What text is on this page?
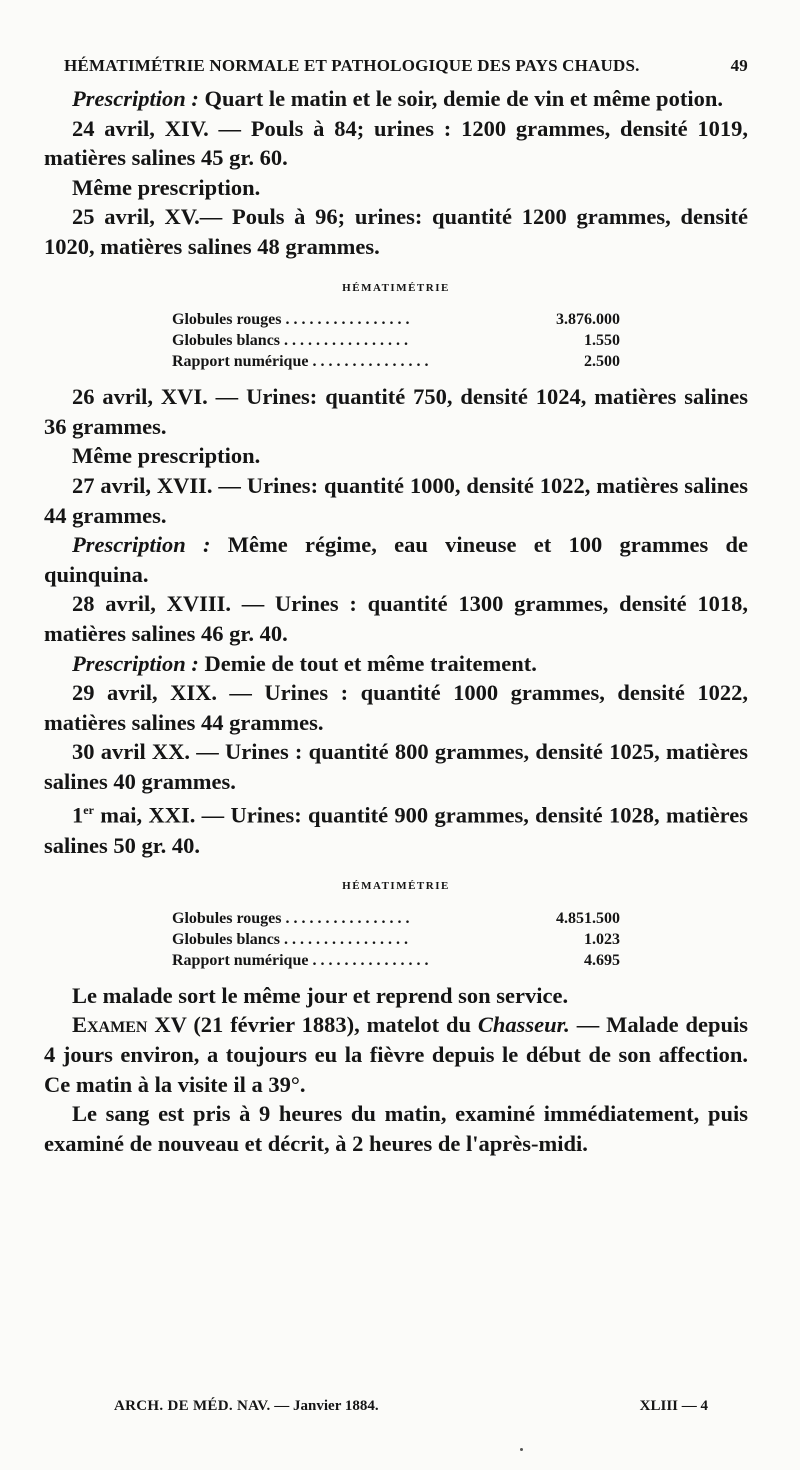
HÉMATIMÉTRIE NORMALE ET PATHOLOGIQUE DES PAYS CHAUDS.	49

Prescription : Quart le matin et le soir, demie de vin et même potion.

24 avril, XIV. — Pouls à 84; urines : 1200 grammes, densité 1019, matières salines 45 gr. 60.

Même prescription.

25 avril, XV.— Pouls à 96; urines: quantité 1200 grammes, densité 1020, matières salines 48 grammes.

HÉMATIMÉTRIE
Globules rouges . . . . . . . . . . . . . . . .	3.876.000
Globules blancs . . . . . . . . . . . . . . . .	1.550
Rapport numérique . . . . . . . . . . . . . . .	2.500

26 avril, XVI. — Urines: quantité 750, densité 1024, matières salines 36 grammes.

Même prescription.

27 avril, XVII. — Urines: quantité 1000, densité 1022, matières salines 44 grammes.

Prescription : Même régime, eau vineuse et 100 grammes de quinquina.

28 avril, XVIII. — Urines : quantité 1300 grammes, densité 1018, matières salines 46 gr. 40.

Prescription : Demie de tout et même traitement.

29 avril, XIX. — Urines : quantité 1000 grammes, densité 1022, matières salines 44 grammes.

30 avril XX. — Urines : quantité 800 grammes, densité 1025, matières salines 40 grammes.

1er mai, XXI. — Urines: quantité 900 grammes, densité 1028, matières salines 50 gr. 40.

HÉMATIMÉTRIE
Globules rouges . . . . . . . . . . . . . . . .	4.851.500
Globules blancs . . . . . . . . . . . . . . . .	1.023
Rapport numérique . . . . . . . . . . . . . . .	4.695

Le malade sort le même jour et reprend son service.

Examen XV (21 février 1883), matelot du Chasseur. — Malade depuis 4 jours environ, a toujours eu la fièvre depuis le début de son affection. Ce matin à la visite il a 39°.

Le sang est pris à 9 heures du matin, examiné immédiatement, puis examiné de nouveau et décrit, à 2 heures de l'après-midi.

ARCH. DE MÉD. NAV. — Janvier 1884.	XLIII — 4
